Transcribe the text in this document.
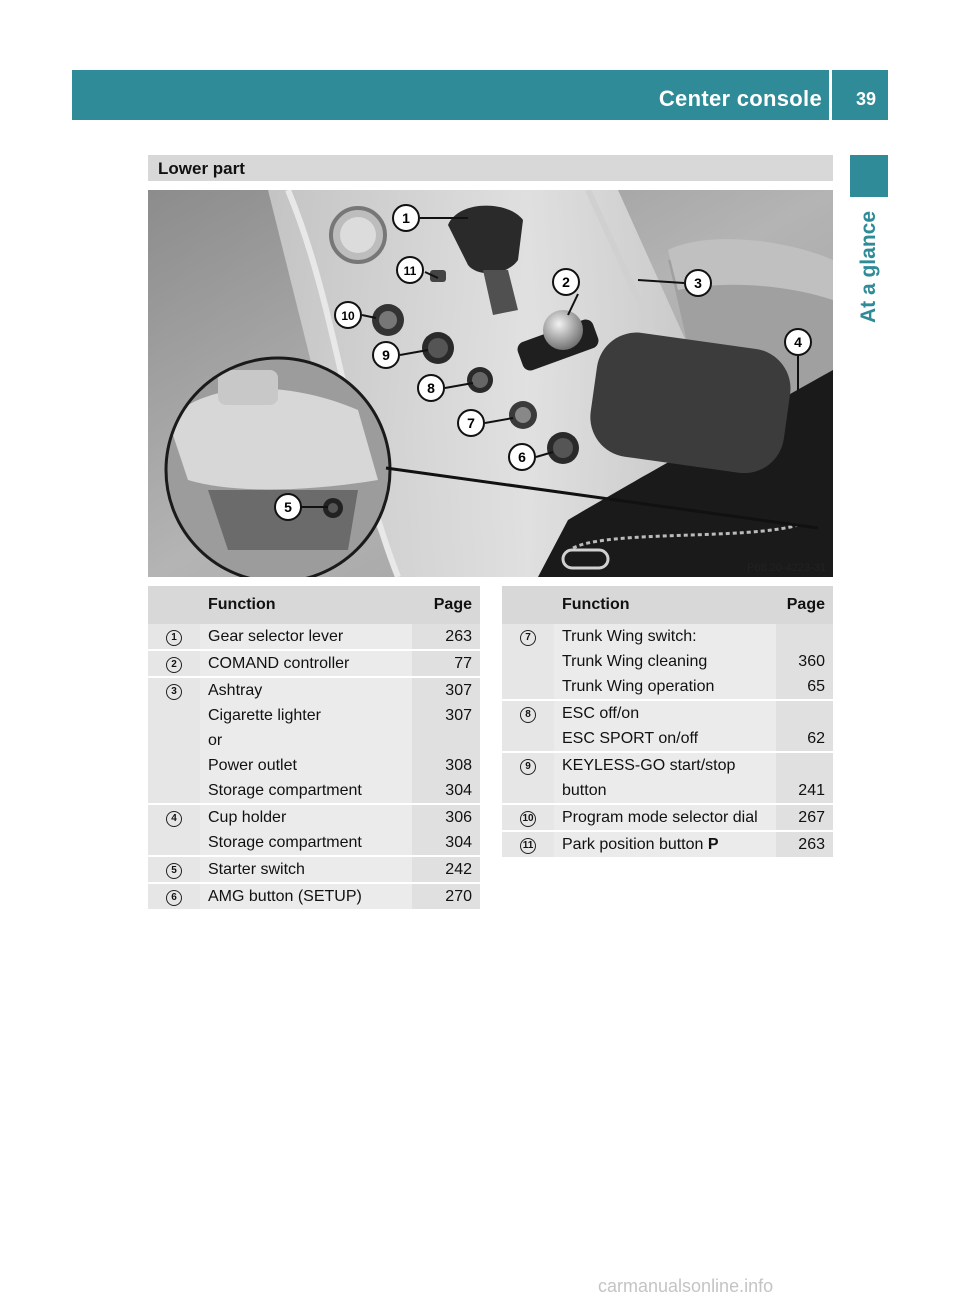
Center console 39
At a glance
Lower part
1
2	3
4
5
6
7
8
9
10
11
P68.20-4223-31
	Function	Page
1	Gear selector lever	263
2	COMAND controller	77
3	Ashtray	307
	Cigarette lighter	307
	or	
	Power outlet	308
	Storage compartment	304
4	Cup holder	306
	Storage compartment	304
5	Starter switch	242
6	AMG button (SETUP)	270
	Function	Page
7	Trunk Wing switch:	
	Trunk Wing cleaning	360
	Trunk Wing operation	65
8	ESC off/on	
	ESC SPORT on/off	62
9	KEYLESS-GO start/stop	
	button	241
10	Program mode selector dial	267
11	Park position button P	263
carmanualsonline.info
